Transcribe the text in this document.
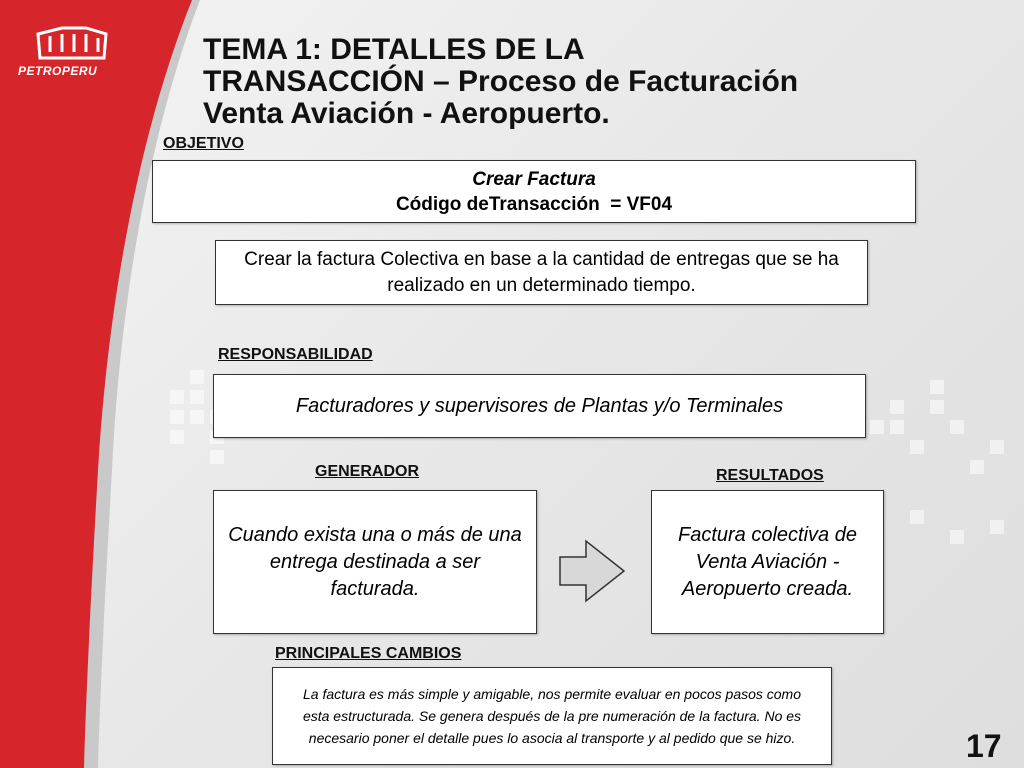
PETROPERU
TEMA 1: DETALLES DE LA
TRANSACCIÓN – Proceso de Facturación
Venta Aviación - Aeropuerto.
OBJETIVO
Crear Factura
Código deTransacción  = VF04
Crear la factura Colectiva en base a la cantidad de entregas que se ha realizado en un determinado tiempo.
RESPONSABILIDAD
Facturadores y supervisores de Plantas y/o Terminales
GENERADOR
Cuando exista una o más de una entrega destinada a ser facturada.
RESULTADOS
Factura colectiva de Venta Aviación - Aeropuerto creada.
PRINCIPALES CAMBIOS
La factura es más simple y amigable, nos permite evaluar en pocos pasos como esta estructurada. Se genera después de la pre numeración de la factura. No es necesario poner el detalle pues lo asocia al transporte y al pedido que se hizo.	17
